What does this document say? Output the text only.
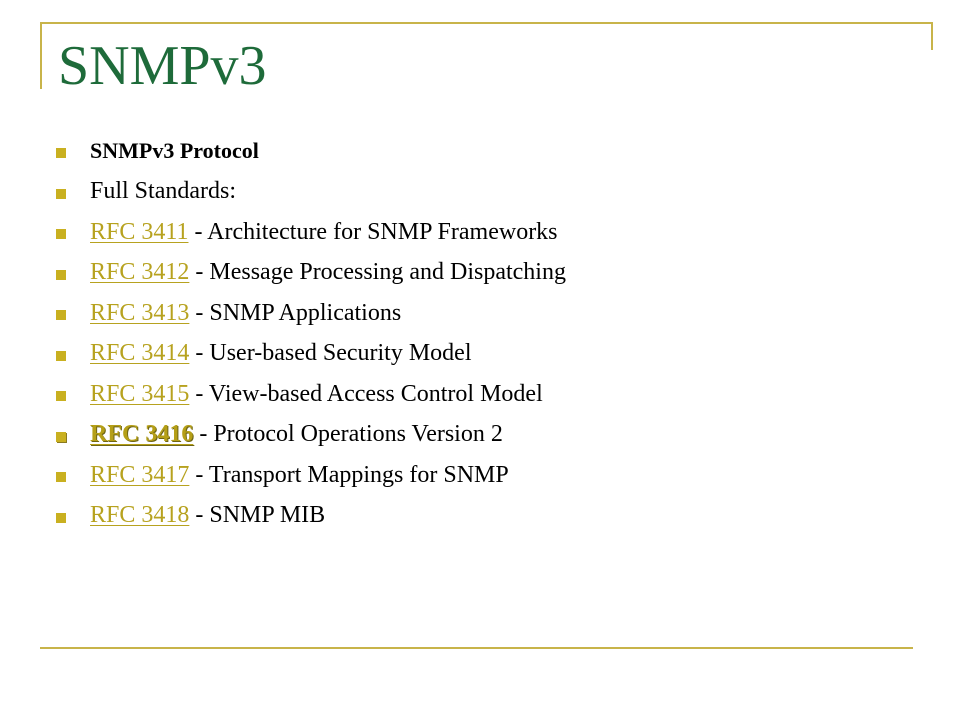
SNMPv3
SNMPv3 Protocol
Full Standards:
RFC 3411 - Architecture for SNMP Frameworks
RFC 3412 - Message Processing and Dispatching
RFC 3413 - SNMP Applications
RFC 3414 - User-based Security Model
RFC 3415 - View-based Access Control Model
RFC 3416 - Protocol Operations Version 2
RFC 3417 - Transport Mappings for SNMP
RFC 3418 - SNMP MIB
